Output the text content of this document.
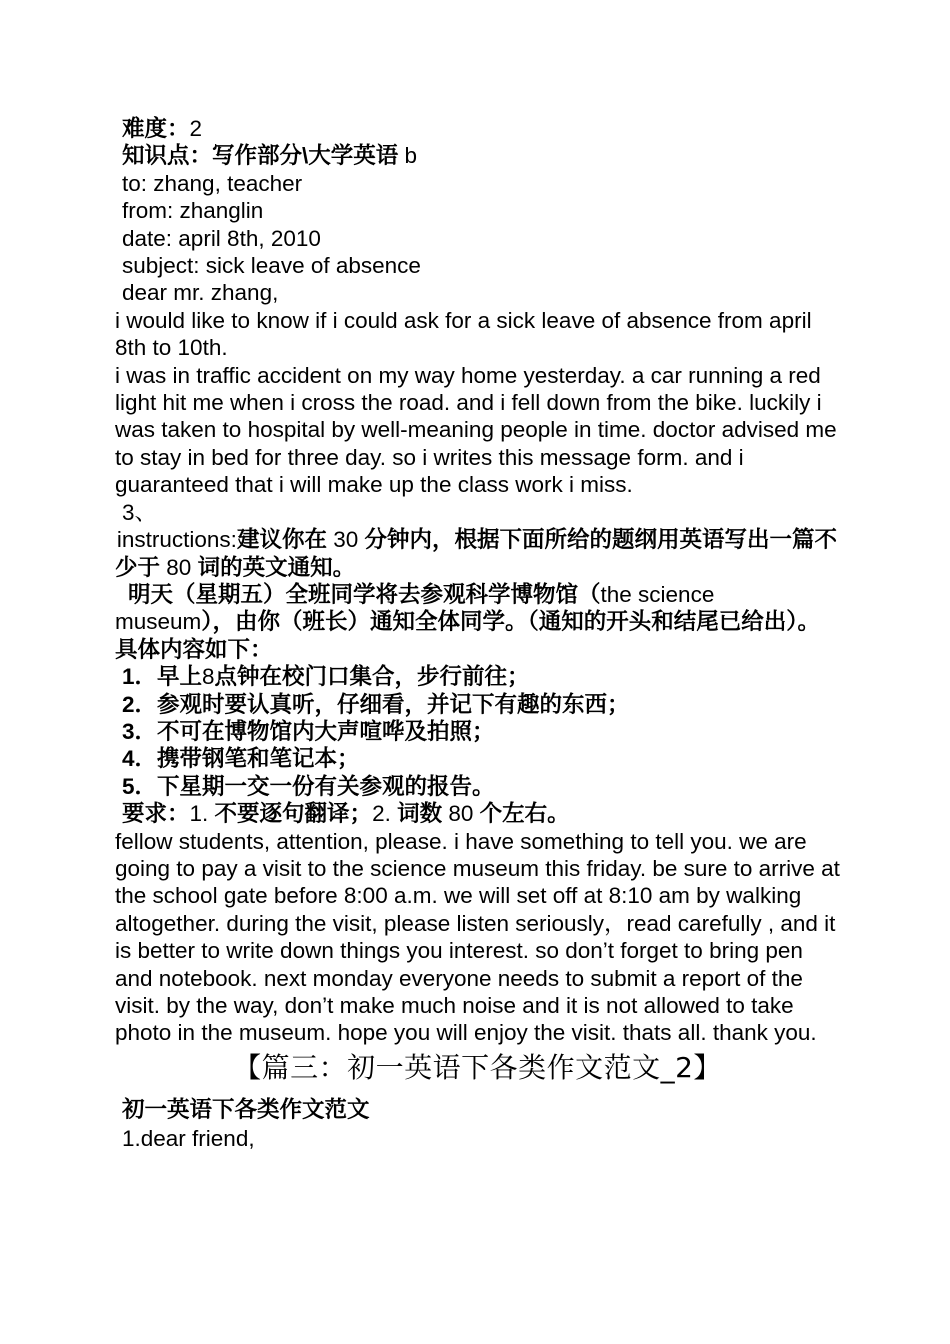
难度：2

知识点：写作部分\大学英语 b

to: zhang, teacher

from: zhanglin

date: april 8th, 2010

subject: sick leave of absence

dear mr. zhang,

i would like to know if i could ask for a sick leave of absence from april 8th to 10th.

i was in traffic accident on my way home yesterday. a car running a red light hit me when i cross the road. and i fell down from the bike. luckily i was taken to hospital by well-meaning people in time. doctor advised me to stay in bed for three day. so i writes this message form. and i guaranteed that i will make up the class work i miss.

3、

 instructions:建议你在 30 分钟内，根据下面所给的题纲用英语写出一篇不少于 80 词的英文通知。

明天（星期五）全班同学将去参观科学博物馆（the science museum），由你（班长）通知全体同学。（通知的开头和结尾已给出）。具体内容如下：

1．早上8点钟在校门口集合，步行前往；

2．参观时要认真听，仔细看，并记下有趣的东西；

3．不可在博物馆内大声喧哗及拍照；

4．携带钢笔和笔记本；

5．下星期一交一份有关参观的报告。

要求：1. 不要逐句翻译；2. 词数 80 个左右。

fellow students, attention, please. i have something to tell you. we are going to pay a visit to the science museum this friday. be sure to arrive at the school gate before 8:00 a.m. we will set off at 8:10 am by walking altogether. during the visit, please listen seriously，read carefully , and it is better to write down things you interest. so don’t forget to bring pen and notebook. next monday everyone needs to submit a report of the visit. by the way, don’t make much noise and it is not allowed to take photo in the museum. hope you will enjoy the visit. thats all. thank you.

【篇三：初一英语下各类作文范文_2】
初一英语下各类作文范文

1.dear friend,
